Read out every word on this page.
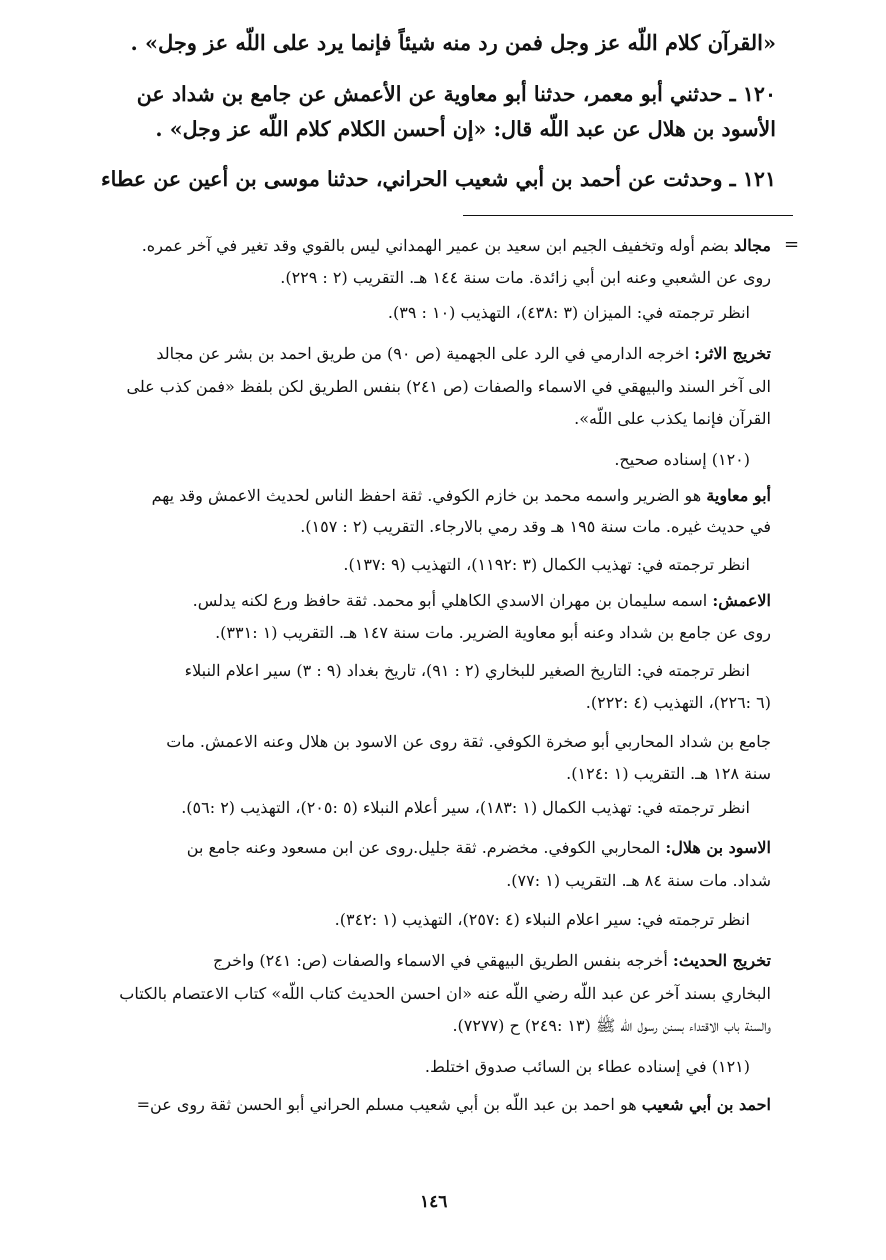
«القرآن كلام اللّه عز وجل فمن رد منه شيئاً فإنما يرد على اللّه عز وجل» .
١٢٠ ـ حدثني أبو معمر، حدثنا أبو معاوية عن الأعمش عن جامع بن شداد عن
الأسود بن هلال عن عبد اللّه قال: «إن أحسن الكلام كلام اللّه عز وجل» .
١٢١ ـ وحدثت عن أحمد بن أبي شعيب الحراني، حدثنا موسى بن أعين عن عطاء
=
مجالد بضم أوله وتخفيف الجيم ابن سعيد بن عمير الهمداني ليس بالقوي وقد تغير في آخر عمره.
روى عن الشعبي وعنه ابن أبي زائدة. مات سنة ١٤٤ هـ. التقريب (٢ : ٢٢٩).
انظر ترجمته في: الميزان (٣ :٤٣٨)، التهذيب (١٠ : ٣٩).
تخريج الاثر: اخرجه الدارمي في الرد على الجهمية (ص ٩٠) من طريق احمد بن بشر عن مجالد
الى آخر السند والبيهقي في الاسماء والصفات (ص ٢٤١) بنفس الطريق لكن بلفظ «فمن كذب على
القرآن فإنما يكذب على اللّه».
(١٢٠) إسناده صحيح.
أبو معاوية هو الضرير واسمه محمد بن خازم الكوفي. ثقة احفظ الناس لحديث الاعمش وقد يهم
في حديث غيره. مات سنة ١٩٥ هـ وقد رمي بالارجاء. التقريب (٢ : ١٥٧).
انظر ترجمته في: تهذيب الكمال (٣ :١١٩٢)، التهذيب (٩ :١٣٧).
الاعمش: اسمه سليمان بن مهران الاسدي الكاهلي أبو محمد. ثقة حافظ ورع لكنه يدلس.
روى عن جامع بن شداد وعنه أبو معاوية الضرير. مات سنة ١٤٧ هـ. التقريب (١ :٣٣١).
انظر ترجمته في: التاريخ الصغير للبخاري (٢ : ٩١)، تاريخ بغداد (٩ : ٣) سير اعلام النبلاء
(٦ :٢٢٦)، التهذيب (٤ :٢٢٢).
جامع بن شداد المحاربي أبو صخرة الكوفي. ثقة روى عن الاسود بن هلال وعنه الاعمش. مات
سنة ١٢٨ هـ. التقريب (١ :١٢٤).
انظر ترجمته في: تهذيب الكمال (١ :١٨٣)، سير أعلام النبلاء (٥ :٢٠٥)، التهذيب (٢ :٥٦).
الاسود بن هلال: المحاربي الكوفي. مخضرم. ثقة جليل.روى عن ابن مسعود وعنه جامع بن
شداد. مات سنة ٨٤ هـ. التقريب (١ :٧٧).
انظر ترجمته في: سير اعلام النبلاء (٤ :٢٥٧)، التهذيب (١ :٣٤٢).
تخريج الحديث: أخرجه بنفس الطريق البيهقي في الاسماء والصفات (ص: ٢٤١) واخرج
البخاري بسند آخر عن عبد اللّه رضي اللّه عنه «ان احسن الحديث كتاب اللّه» كتاب الاعتصام بالكتاب
والسنة باب الاقتداء بسنن رسول اللّه ﷺ (١٣ :٢٤٩) ح (٧٢٧٧).
(١٢١) في إسناده عطاء بن السائب صدوق اختلط.
احمد بن أبي شعيب هو احمد بن عبد اللّه بن أبي شعيب مسلم الحراني أبو الحسن ثقة روى عن=
١٤٦
